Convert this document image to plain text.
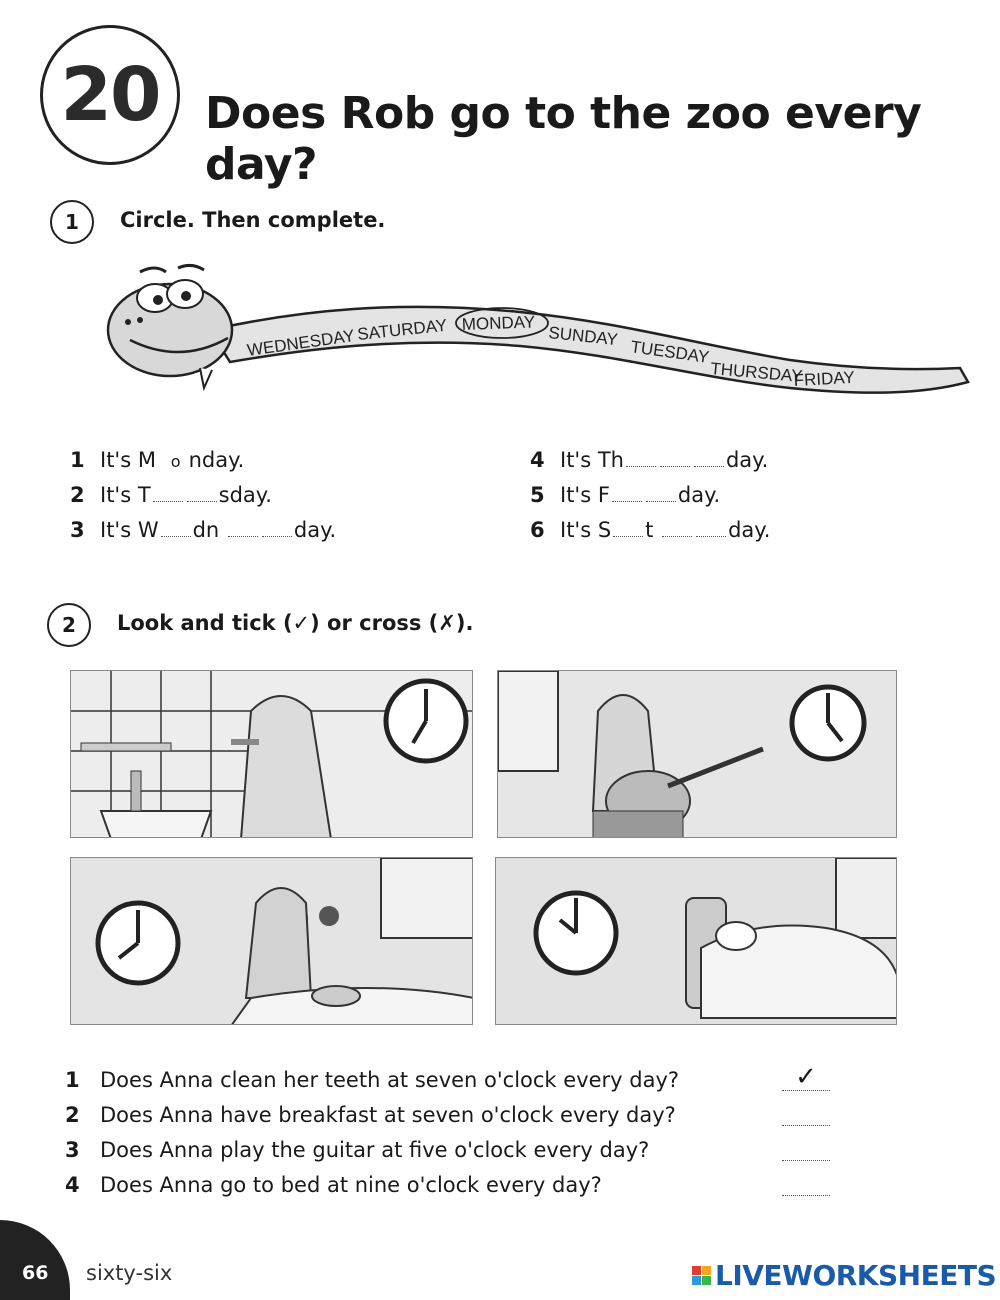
20 Does Rob go to the zoo every day?
1	Circle. Then complete.
WEDNESDAY SATURDAY MONDAY SUNDAY
TUESDAY
THURSDAY
FRIDAY
1 It's M o nday.
2 It's T	sday.
3 It's W dn	day.
4 It's Th	day.
5 It's F	day.
6 It's S t	day.
2	Look and tick (✓) or cross (✗).
1 Does Anna clean her teeth at seven o'clock every day?	✓
2 Does Anna have breakfast at seven o'clock every day?
3 Does Anna play the guitar at five o'clock every day?
4 Does Anna go to bed at nine o'clock every day?
66 sixty-six	LIVEWORKSHEETS
